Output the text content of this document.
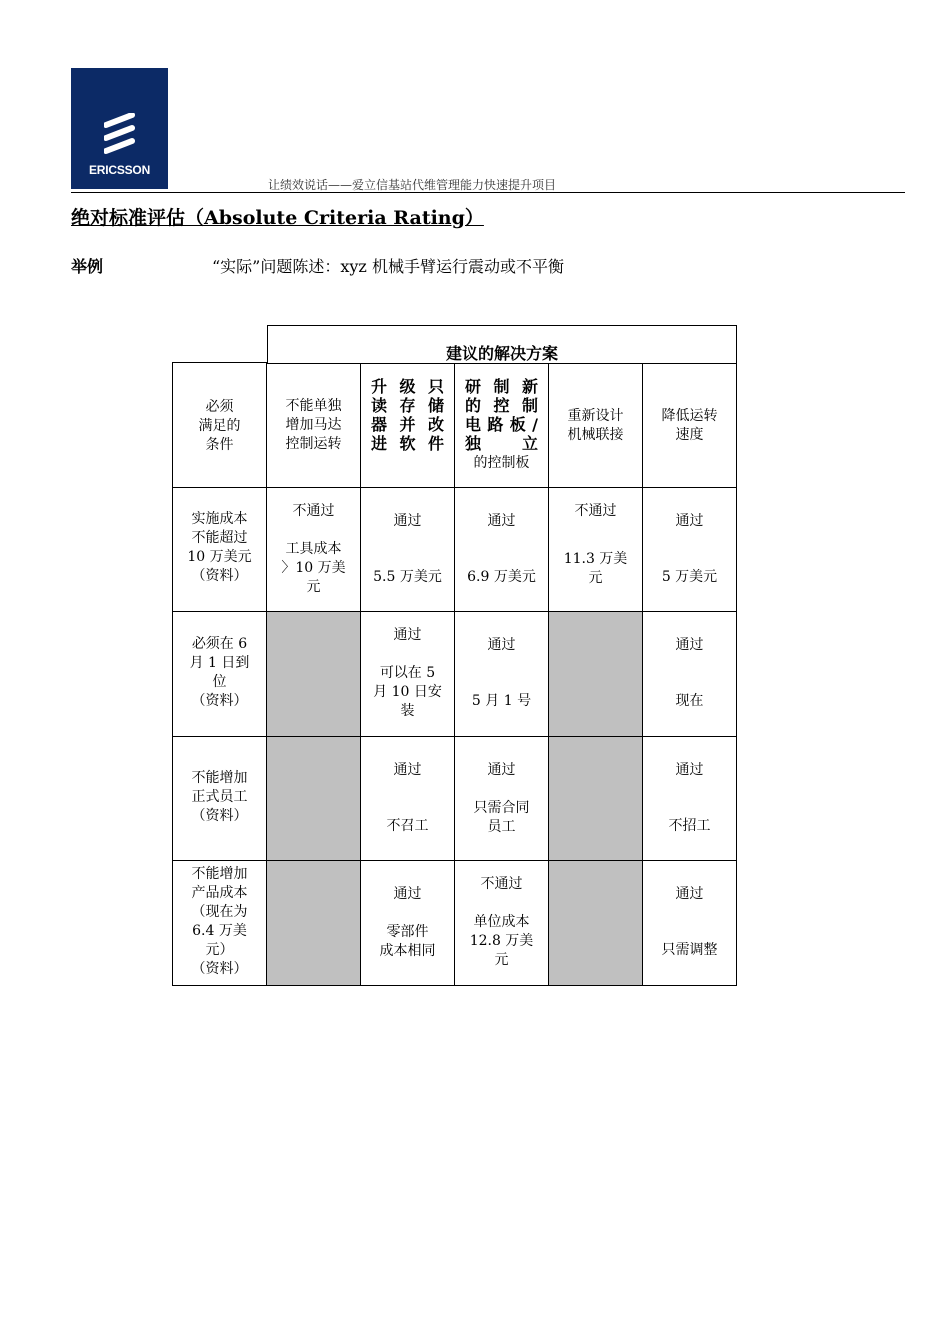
ERICSSON
让绩效说话——爱立信基站代维管理能力快速提升项目
绝对标准评估（Absolute Criteria Rating）
举例	“实际”问题陈述：xyz 机械手臂运行震动或不平衡
建议的解决方案
必须
满足的
条件
不能单独
增加马达
控制运转
升 级 只
读 存 储
器 并 改
进软件
研 制 新
的 控 制
电 路 板 /
独立
的控制板
重新设计
机械联接
降低运转
速度
实施成本
不能超过
10 万美元
（资料）
不通过
工具成本
〉10 万美
元
通过
5.5 万美元
通过
6.9 万美元
不通过
11.3 万美
元
通过
5 万美元
必须在 6
月 1 日到
位
（资料）
通过
可以在 5
月 10 日安
装
通过
5 月 1 号
通过
现在
不能增加
正式员工
（资料）
通过
不召工
通过
只需合同
员工
通过
不招工
不能增加
产品成本
（现在为
6.4 万美
元）
（资料）
通过
零部件
成本相同
不通过
单位成本
12.8 万美
元
通过
只需调整
